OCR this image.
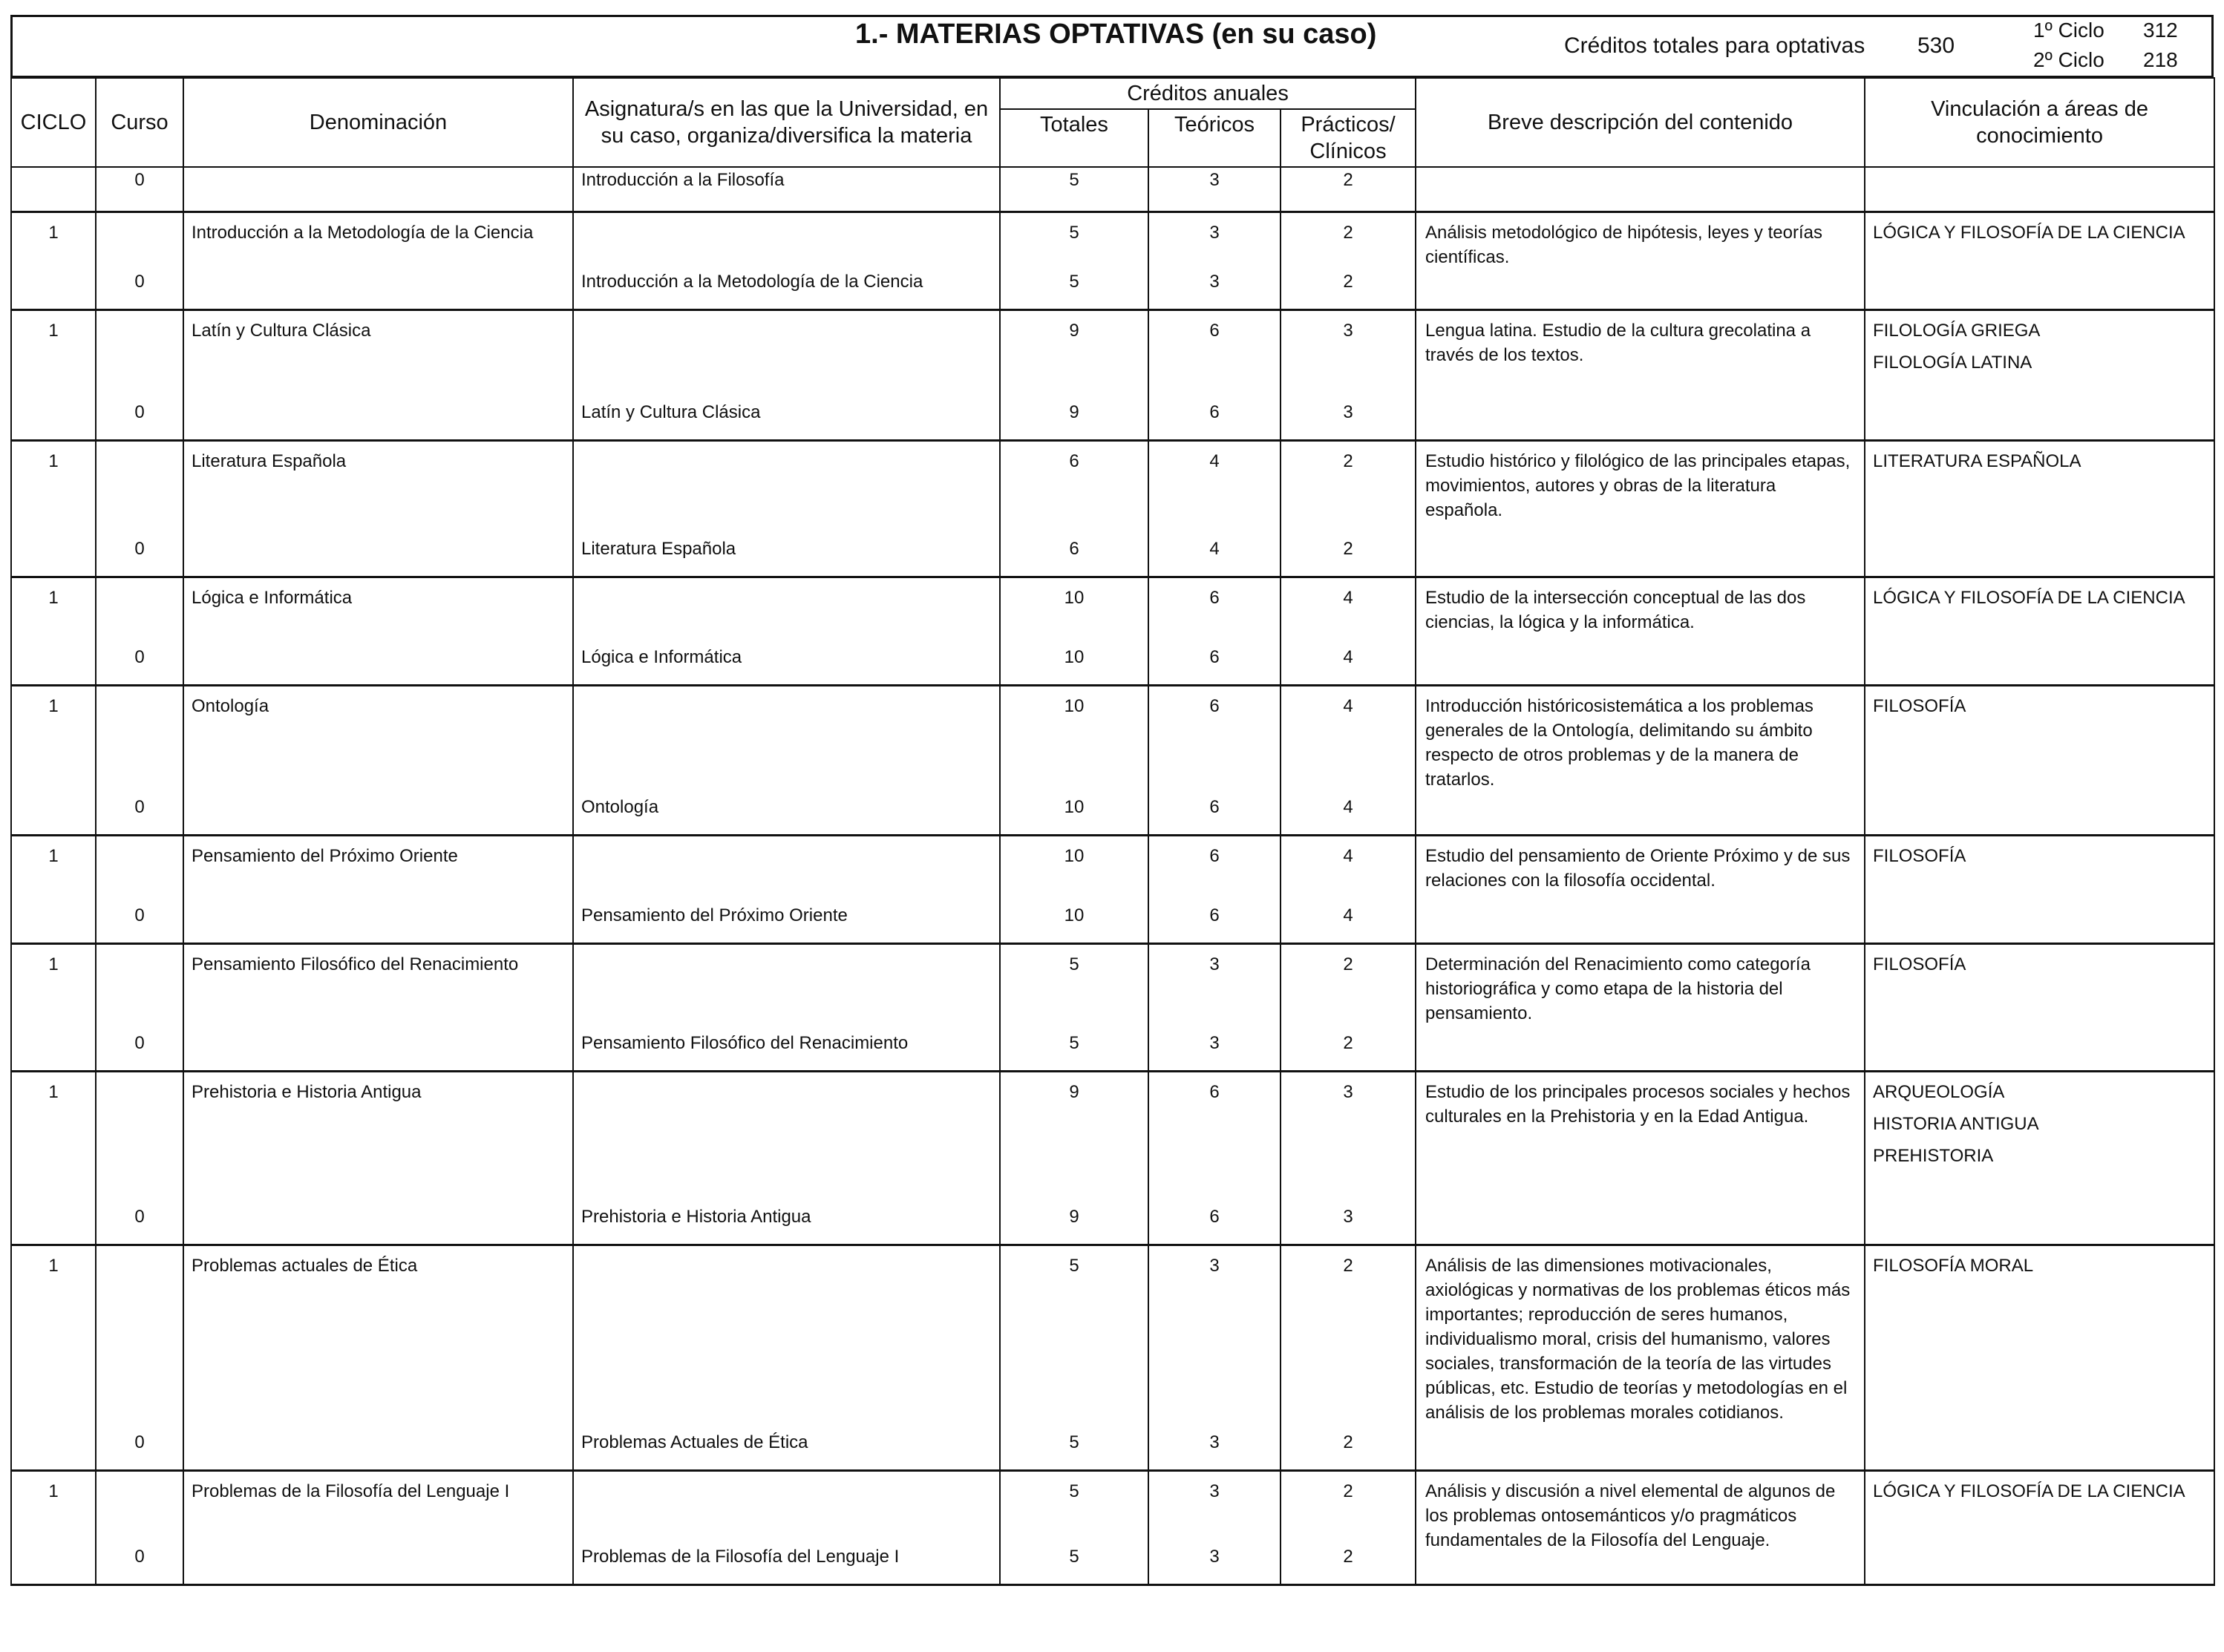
1.- MATERIAS OPTATIVAS (en su caso)	Créditos totales para optativas 530
1º Ciclo 312
2º Ciclo 218
CICLO	Curso	Denominación	Asignatura/s en las que la Universidad, en su caso, organiza/diversifica la materia	Créditos anuales			Breve descripción del contenido	Vinculación a áreas de conocimiento
				Totales	Teóricos	Prácticos/ Clínicos		
	0		Introducción a la Filosofía	5	3	2		
1		Introducción a la Metodología de la Ciencia		5	3	2	Análisis metodológico de hipótesis, leyes y teorías científicas.	LÓGICA Y FILOSOFÍA DE LA CIENCIA

	0		Introducción a la Metodología de la Ciencia	5	3	2		
1		Latín y Cultura Clásica		9	6	3	Lengua latina. Estudio de la cultura grecolatina a través de los textos.	FILOLOGÍA GRIEGA
FILOLOGÍA LATINA

	0		Latín y Cultura Clásica	9	6	3		
1		Literatura Española		6	4	2	Estudio histórico y filológico de las principales etapas, movimientos, autores y obras de la literatura española.	LITERATURA ESPAÑOLA

	0		Literatura Española	6	4	2		
1		Lógica e Informática		10	6	4	Estudio de la intersección conceptual de las dos ciencias, la lógica y la informática.	LÓGICA Y FILOSOFÍA DE LA CIENCIA

	0		Lógica e Informática	10	6	4		
1		Ontología		10	6	4	Introducción históricosistemática a los problemas generales de la Ontología, delimitando su ámbito respecto de otros problemas y de la manera de tratarlos.	FILOSOFÍA

	0		Ontología	10	6	4		
1		Pensamiento del Próximo Oriente		10	6	4	Estudio del pensamiento de Oriente Próximo y de sus relaciones con la filosofía occidental.	FILOSOFÍA

	0		Pensamiento del Próximo Oriente	10	6	4		
1		Pensamiento Filosófico del Renacimiento		5	3	2	Determinación del Renacimiento como categoría historiográfica y como etapa de la historia del pensamiento.	FILOSOFÍA

	0		Pensamiento Filosófico del Renacimiento	5	3	2		
1		Prehistoria e Historia Antigua		9	6	3	Estudio de los principales procesos sociales y hechos culturales en la Prehistoria y en la Edad Antigua.	ARQUEOLOGÍA
HISTORIA ANTIGUA
PREHISTORIA

	0		Prehistoria e Historia Antigua	9	6	3		
1		Problemas actuales de Ética		5	3	2	Análisis de las dimensiones motivacionales, axiológicas y normativas de los problemas éticos más importantes; reproducción de seres humanos, individualismo moral, crisis del humanismo, valores sociales, transformación de la teoría de las virtudes públicas, etc. Estudio de teorías y metodologías en el análisis de los problemas morales cotidianos.	FILOSOFÍA MORAL

	0		Problemas Actuales de Ética	5	3	2		
1		Problemas de la Filosofía del Lenguaje I		5	3	2	Análisis y discusión a nivel elemental de algunos de los problemas ontosemánticos y/o pragmáticos fundamentales de la Filosofía del Lenguaje.	LÓGICA Y FILOSOFÍA DE LA CIENCIA

	0		Problemas de la Filosofía del Lenguaje I	5	3	2		
